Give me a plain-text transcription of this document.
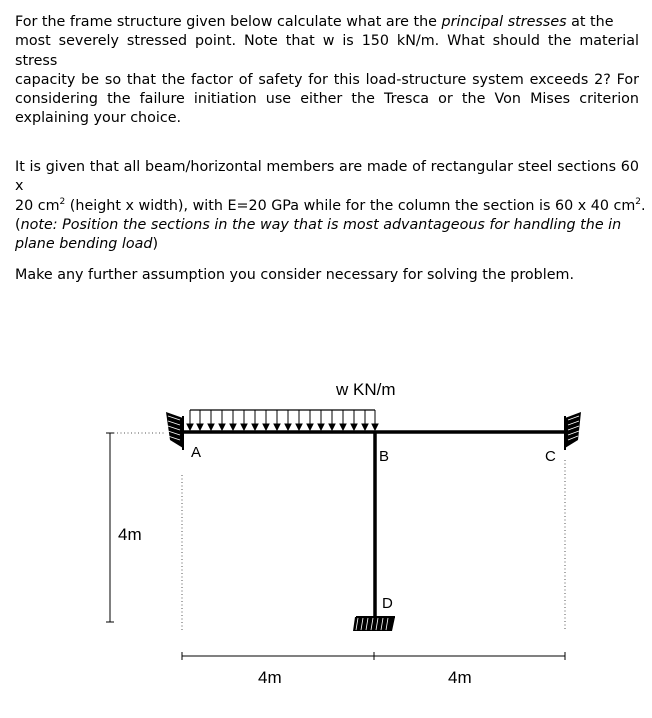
For the frame structure given below calculate what are the principal stresses at the
most severely stressed point. Note that w is 150 kN/m. What should the material stress
capacity be so that the factor of safety for this load-structure system exceeds 2? For
considering the failure initiation use either the Tresca or the Von Mises criterion
explaining your choice.
It is given that all beam/horizontal members are made of rectangular steel sections 60 x
20 $cm^2$ (height x width), with E=20 GPa while for the column the section is 60 x 40 $cm^2$.
(note: Position the sections in the way that is most advantageous for handling the in
plane bending load)
Make any further assumption you consider necessary for solving the problem.
w KN/m
A	B	C
D
4m
4m	4m
